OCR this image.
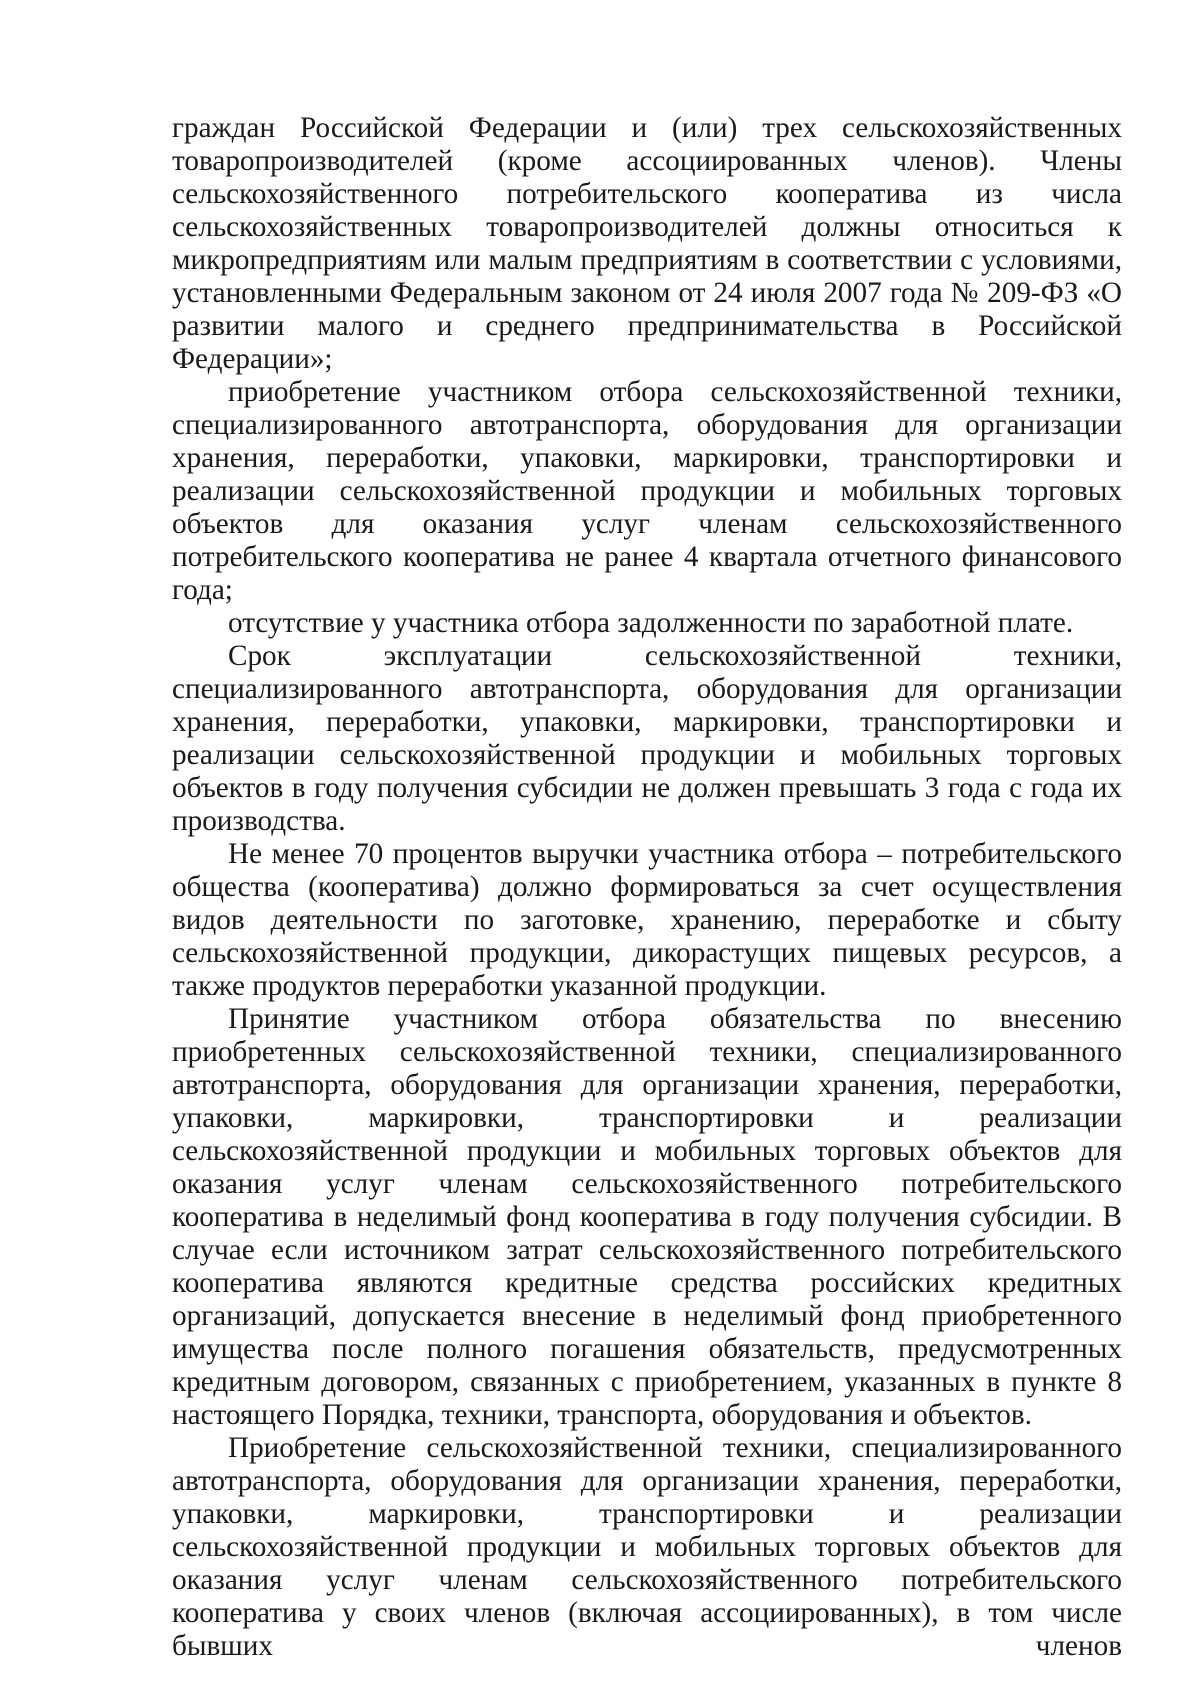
граждан Российской Федерации и (или) трех сельскохозяйственных товаропроизводителей (кроме ассоциированных членов). Члены сельскохозяйственного потребительского кооператива из числа сельскохозяйственных товаропроизводителей должны относиться к микропредприятиям или малым предприятиям в соответствии с условиями, установленными Федеральным законом от 24 июля 2007 года № 209-ФЗ «О развитии малого и среднего предпринимательства в Российской Федерации»;

приобретение участником отбора сельскохозяйственной техники, специализированного автотранспорта, оборудования для организации хранения, переработки, упаковки, маркировки, транспортировки и реализации сельскохозяйственной продукции и мобильных торговых объектов для оказания услуг членам сельскохозяйственного потребительского кооператива не ранее 4 квартала отчетного финансового года;

отсутствие у участника отбора задолженности по заработной плате.

Срок эксплуатации сельскохозяйственной техники, специализированного автотранспорта, оборудования для организации хранения, переработки, упаковки, маркировки, транспортировки и реализации сельскохозяйственной продукции и мобильных торговых объектов в году получения субсидии не должен превышать 3 года с года их производства.

Не менее 70 процентов выручки участника отбора – потребительского общества (кооператива) должно формироваться за счет осуществления видов деятельности по заготовке, хранению, переработке и сбыту сельскохозяйственной продукции, дикорастущих пищевых ресурсов, а также продуктов переработки указанной продукции.

Принятие участником отбора обязательства по внесению приобретенных сельскохозяйственной техники, специализированного автотранспорта, оборудования для организации хранения, переработки, упаковки, маркировки, транспортировки и реализации сельскохозяйственной продукции и мобильных торговых объектов для оказания услуг членам сельскохозяйственного потребительского кооператива в неделимый фонд кооператива в году получения субсидии. В случае если источником затрат сельскохозяйственного потребительского кооператива являются кредитные средства российских кредитных организаций, допускается внесение в неделимый фонд приобретенного имущества после полного погашения обязательств, предусмотренных кредитным договором, связанных с приобретением, указанных в пункте 8 настоящего Порядка, техники, транспорта, оборудования и объектов.

Приобретение сельскохозяйственной техники, специализированного автотранспорта, оборудования для организации хранения, переработки, упаковки, маркировки, транспортировки и реализации сельскохозяйственной продукции и мобильных торговых объектов для оказания услуг членам сельскохозяйственного потребительского кооператива у своих членов (включая ассоциированных), в том числе бывших членов
